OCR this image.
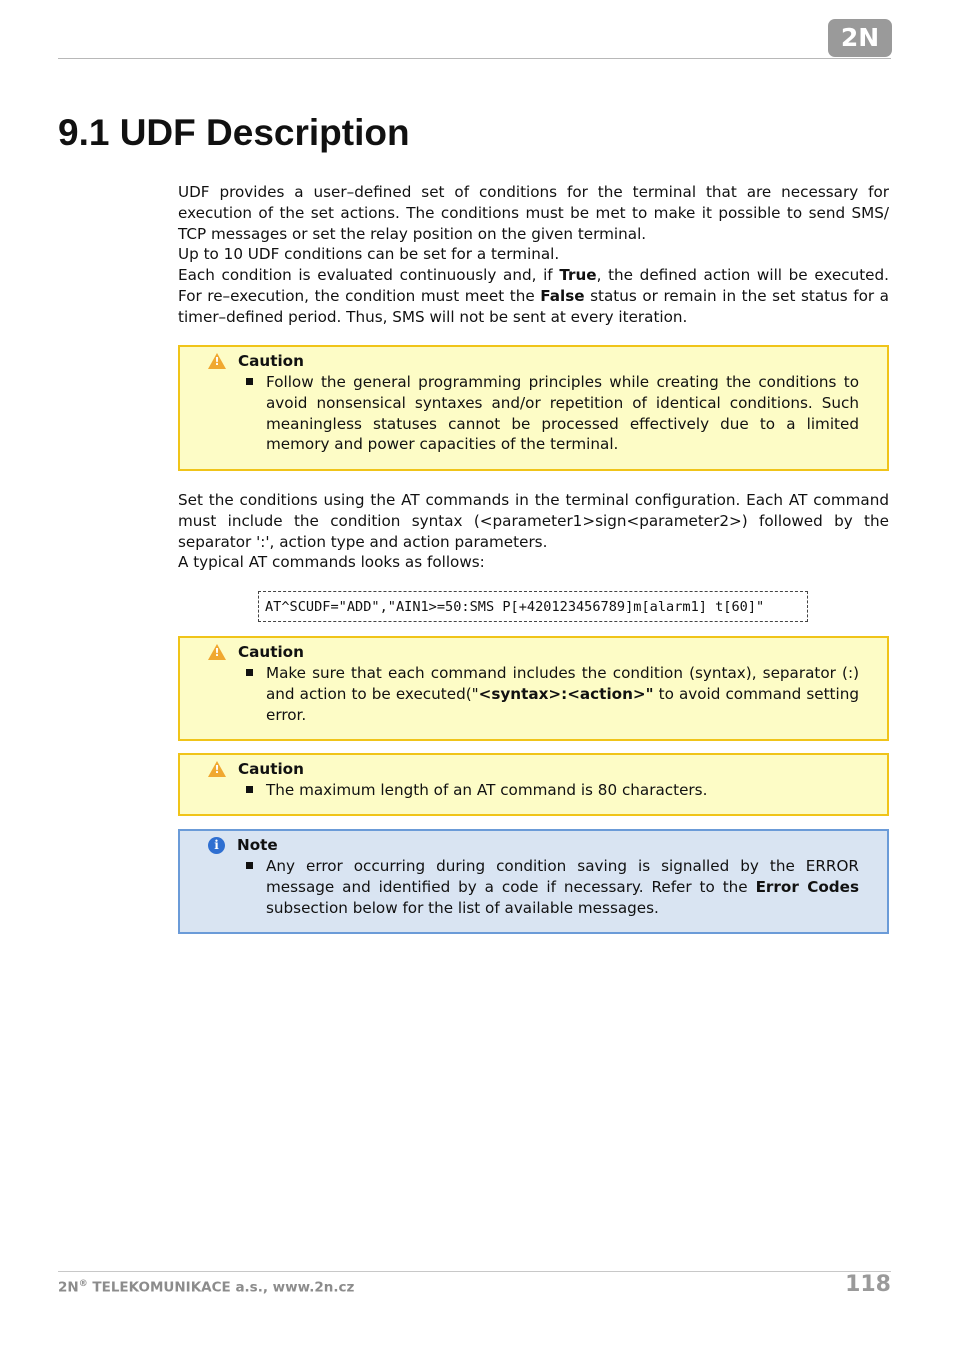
2N
9.1 UDF Description

UDF provides a user–defined set of conditions for the terminal that are necessary for execution of the set actions. The conditions must be met to make it possible to send SMS/ TCP messages or set the relay position on the given terminal.

Up to 10 UDF conditions can be set for a terminal.

Each condition is evaluated continuously and, if True, the defined action will be executed. For re–execution, the condition must meet the False status or remain in the set status for a timer–defined period. Thus, SMS will not be sent at every iteration.

! Caution

Follow the general programming principles while creating the conditions to avoid nonsensical syntaxes and/or repetition of identical conditions. Such meaningless statuses cannot be processed effectively due to a limited memory and power capacities of the terminal.

Set the conditions using the AT commands in the terminal configuration. Each AT command must include the condition syntax (<parameter1>sign<parameter2>) followed by the separator ':', action type and action parameters.

A typical AT commands looks as follows:

AT^SCUDF="ADD","AIN1>=50:SMS P[+420123456789]m[alarm1] t[60]"
! Caution

Make sure that each command includes the condition (syntax), separator (:) and action to be executed("<syntax>:<action>" to avoid command setting error.

! Caution

The maximum length of an AT command is 80 characters.

i	Note

Any error occurring during condition saving is signalled by the ERROR message and identified by a code if necessary. Refer to the Error Codes subsection below for the list of available messages.

2N® TELEKOMUNIKACE a.s., www.2n.cz	118
